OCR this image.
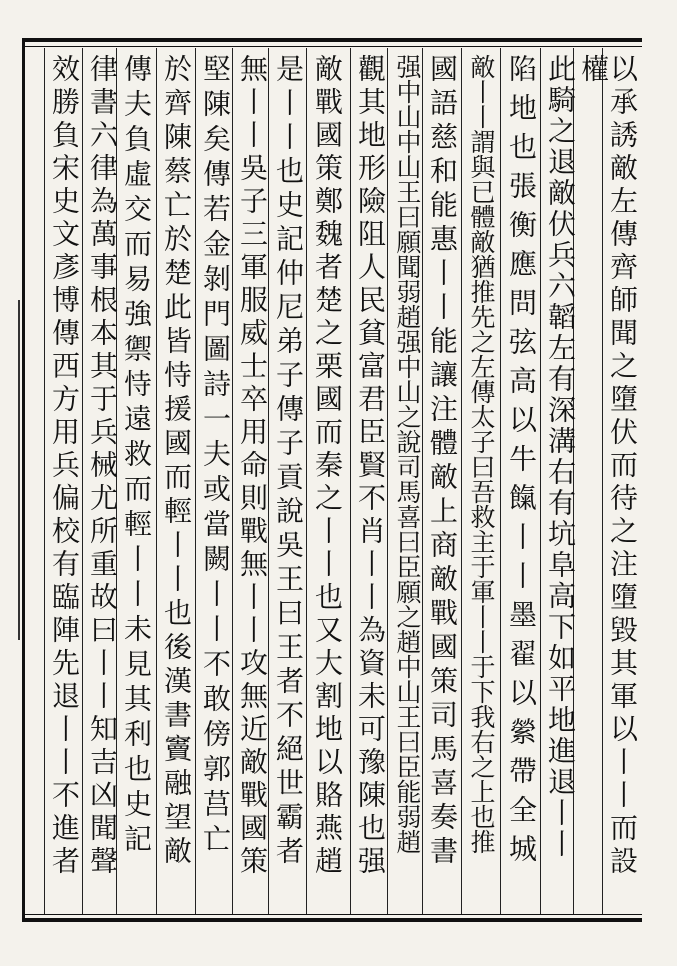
以承誘敵左傳齊師聞之墮伏而待之注墮毀其軍以丨丨而設
權
此騎之退敵伏兵六韜左有深溝右有坑阜高下如平地進退丨丨
陷地也張衡應問弦高以牛餼丨丨墨翟以縈帶全城
敵丨丨謂與已體敵猶推先之左傳太子曰吾救主于軍丨丨于下我右之上也推
國語慈和能惠丨丨能讓注體敵上商敵戰國策司馬喜奏書
强中山中山王曰願聞弱趙强中山之說司馬喜曰臣願之趙中山王曰臣能弱趙
觀其地形險阻人民貧富君臣賢不肖丨丨為資未可豫陳也强
敵戰國策鄭魏者楚之栗國而秦之丨丨也又大割地以賂燕趙
是丨丨也史記仲尼弟子傳子貢說吳王曰王者不絕世霸者
無丨丨吳子三軍服威士卒用命則戰無丨丨攻無近敵戰國策
堅陳矣傳若金剝門圖詩一夫或當闕丨丨不敢傍郭莒亡
於齊陳蔡亡於楚此皆恃援國而輕丨丨也後漢書竇融望敵
傳夫負虛交而易強禦恃遠救而輕丨丨未見其利也史記
律書六律為萬事根本其于兵械尤所重故曰丨丨知吉凶聞聲
效勝負宋史文彥博傳西方用兵偏校有臨陣先退丨丨不進者
